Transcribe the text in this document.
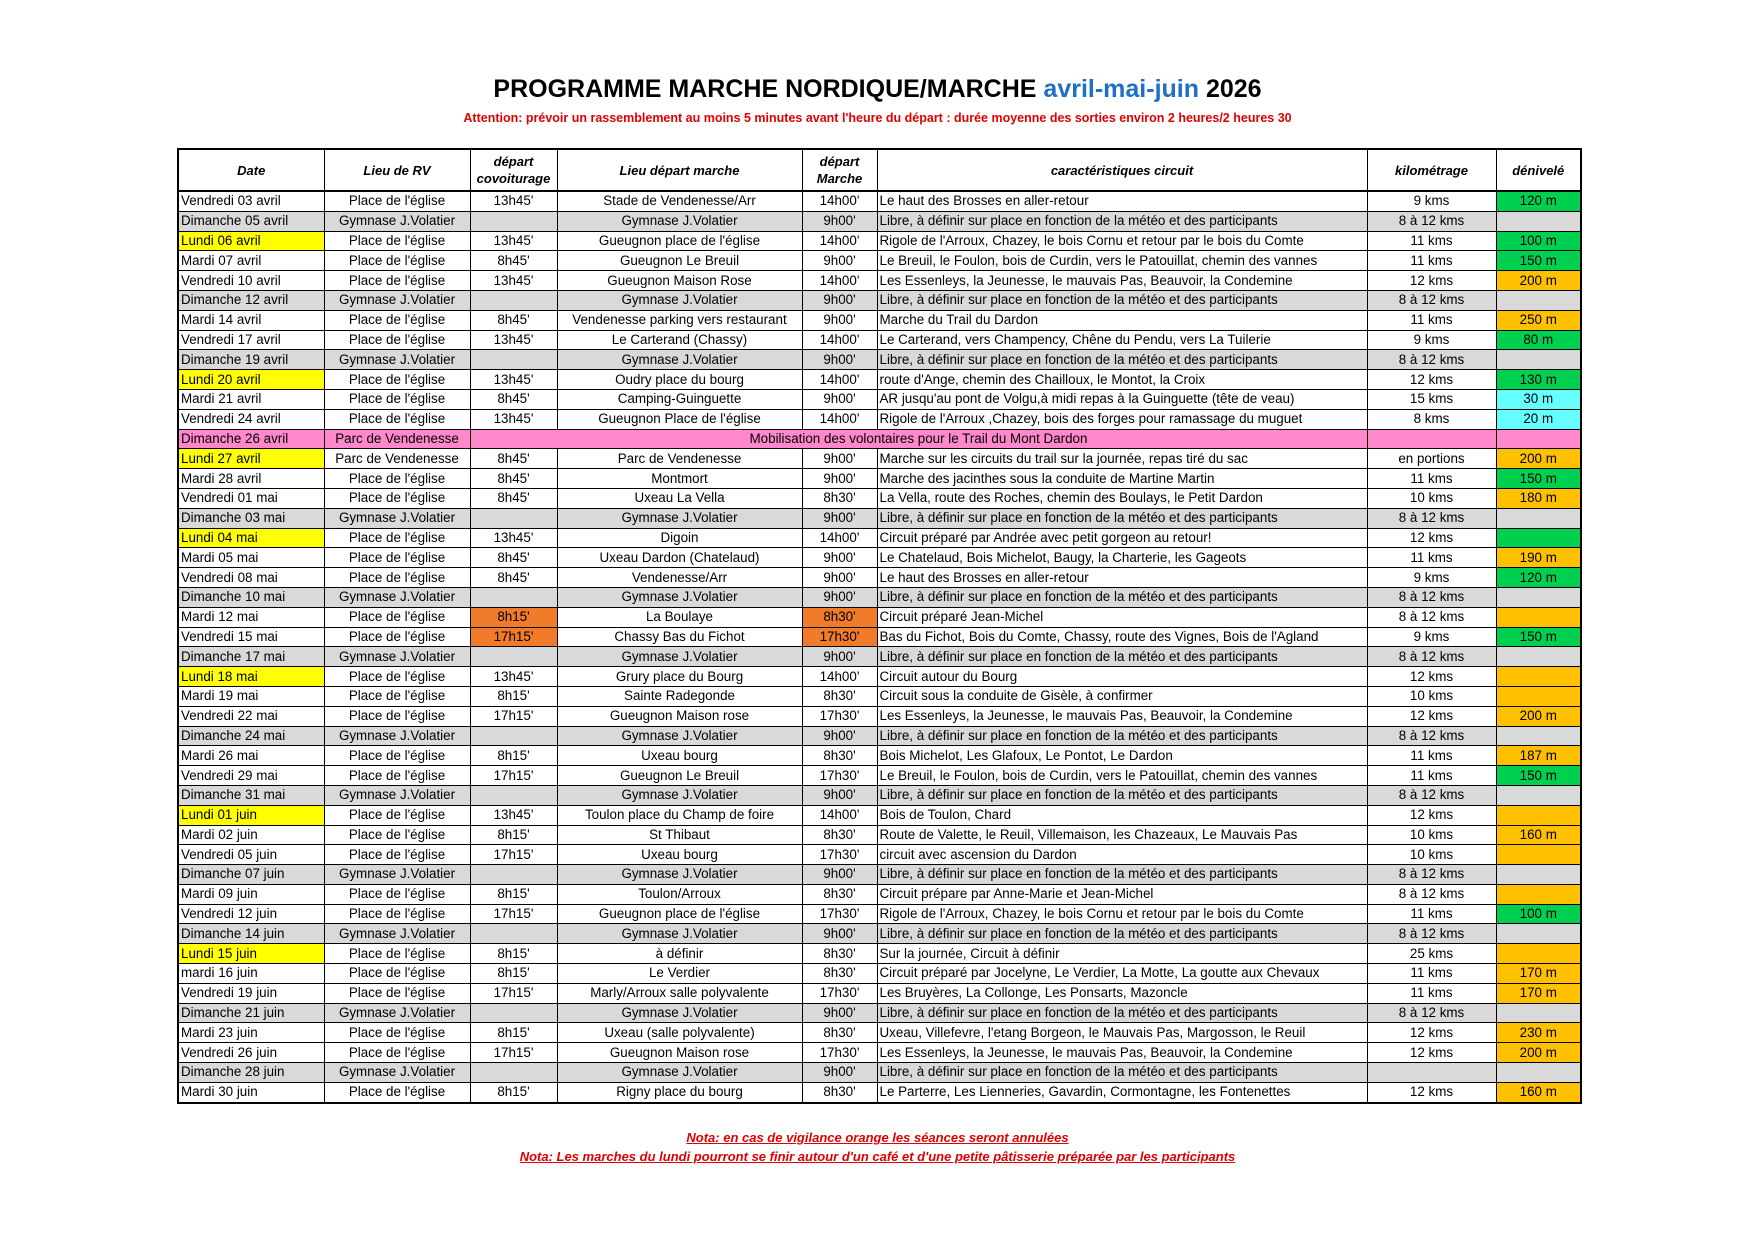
PROGRAMME MARCHE NORDIQUE/MARCHE avril-mai-juin 2026
Attention: prévoir un rassemblement au moins 5 minutes avant l'heure du départ : durée moyenne des sorties environ 2 heures/2 heures 30
Date	Lieu de RV	départ covoiturage	Lieu départ marche	départ Marche	caractéristiques circuit	kilométrage	dénivelé
Vendredi 03 avril	Place de l'église	13h45'	Stade de Vendenesse/Arr	14h00'	Le haut des Brosses en aller-retour	9 kms	120 m
Dimanche 05 avril	Gymnase J.Volatier		Gymnase J.Volatier	9h00'	Libre, à définir sur place en fonction de la météo et des participants	8 à 12 kms	
Lundi 06 avril	Place de l'église	13h45'	Gueugnon place de l'église	14h00'	Rigole de l'Arroux, Chazey, le bois Cornu et retour par le bois du Comte	11 kms	100 m
Mardi 07 avril	Place de l'église	8h45'	Gueugnon Le Breuil	9h00'	Le Breuil, le Foulon, bois de Curdin, vers le Patouillat, chemin des vannes	11 kms	150 m
Vendredi 10 avril	Place de l'église	13h45'	Gueugnon Maison Rose	14h00'	Les Essenleys, la Jeunesse, le mauvais Pas, Beauvoir, la Condemine	12 kms	200 m
Dimanche 12 avril	Gymnase J.Volatier		Gymnase J.Volatier	9h00'	Libre, à définir sur place en fonction de la météo et des participants	8 à 12 kms	
Mardi 14 avril	Place de l'église	8h45'	Vendenesse parking vers restaurant	9h00'	Marche du Trail du Dardon	11 kms	250 m
Vendredi 17 avril	Place de l'église	13h45'	Le Carterand (Chassy)	14h00'	Le Carterand, vers Champency, Chêne du Pendu, vers La Tuilerie	9 kms	80 m
Dimanche 19 avril	Gymnase J.Volatier		Gymnase J.Volatier	9h00'	Libre, à définir sur place en fonction de la météo et des participants	8 à 12 kms	
Lundi 20 avril	Place de l'église	13h45'	Oudry place du bourg	14h00'	route d'Ange, chemin des Chailloux, le Montot, la Croix	12 kms	130 m
Mardi 21 avril	Place de l'église	8h45'	Camping-Guinguette	9h00'	AR jusqu'au pont de Volgu,à midi repas à la Guinguette (tête de veau)	15 kms	30 m
Vendredi 24 avril	Place de l'église	13h45'	Gueugnon Place de l'église	14h00'	Rigole de l'Arroux ,Chazey, bois des forges pour ramassage du muguet	8 kms	20 m
Dimanche 26 avril	Parc de Vendenesse	Mobilisation des volontaires pour le Trail du Mont Dardon					
Lundi 27 avril	Parc de Vendenesse	8h45'	Parc de Vendenesse	9h00'	Marche sur les circuits du trail sur la journée, repas tiré du sac	en portions	200 m
Mardi 28 avril	Place de l'église	8h45'	Montmort	9h00'	Marche des jacinthes sous la conduite de Martine Martin	11 kms	150 m
Vendredi 01 mai	Place de l'église	8h45'	Uxeau La Vella	8h30'	La Vella, route des Roches, chemin des Boulays, le Petit Dardon	10 kms	180 m
Dimanche 03 mai	Gymnase J.Volatier		Gymnase J.Volatier	9h00'	Libre, à définir sur place en fonction de la météo et des participants	8 à 12 kms	
Lundi 04 mai	Place de l'église	13h45'	Digoin	14h00'	Circuit préparé par Andrée avec petit gorgeon au retour!	12 kms	
Mardi 05 mai	Place de l'église	8h45'	Uxeau Dardon (Chatelaud)	9h00'	Le Chatelaud, Bois Michelot, Baugy, la Charterie, les Gageots	11 kms	190 m
Vendredi 08 mai	Place de l'église	8h45'	Vendenesse/Arr	9h00'	Le haut des Brosses en aller-retour	9 kms	120 m
Dimanche 10 mai	Gymnase J.Volatier		Gymnase J.Volatier	9h00'	Libre, à définir sur place en fonction de la météo et des participants	8 à 12 kms	
Mardi 12 mai	Place de l'église	8h15'	La Boulaye	8h30'	Circuit préparé Jean-Michel	8 à 12 kms	
Vendredi 15 mai	Place de l'église	17h15'	Chassy Bas du Fichot	17h30'	Bas du Fichot, Bois du Comte, Chassy, route des Vignes, Bois de l'Agland	9 kms	150 m
Dimanche 17 mai	Gymnase J.Volatier		Gymnase J.Volatier	9h00'	Libre, à définir sur place en fonction de la météo et des participants	8 à 12 kms	
Lundi 18 mai	Place de l'église	13h45'	Grury place du Bourg	14h00'	Circuit autour du Bourg	12 kms	
Mardi 19 mai	Place de l'église	8h15'	Sainte Radegonde	8h30'	Circuit sous la conduite de Gisèle, à confirmer	10 kms	
Vendredi 22 mai	Place de l'église	17h15'	Gueugnon Maison rose	17h30'	Les Essenleys, la Jeunesse, le mauvais Pas, Beauvoir, la Condemine	12 kms	200 m
Dimanche 24 mai	Gymnase J.Volatier		Gymnase J.Volatier	9h00'	Libre, à définir sur place en fonction de la météo et des participants	8 à 12 kms	
Mardi 26 mai	Place de l'église	8h15'	Uxeau bourg	8h30'	Bois Michelot, Les Glafoux, Le Pontot, Le Dardon	11 kms	187 m
Vendredi 29 mai	Place de l'église	17h15'	Gueugnon Le Breuil	17h30'	Le Breuil, le Foulon, bois de Curdin, vers le Patouillat, chemin des vannes	11 kms	150 m
Dimanche 31 mai	Gymnase J.Volatier		Gymnase J.Volatier	9h00'	Libre, à définir sur place en fonction de la météo et des participants	8 à 12 kms	
Lundi 01 juin	Place de l'église	13h45'	Toulon place du Champ de foire	14h00'	Bois de Toulon, Chard	12 kms	
Mardi 02 juin	Place de l'église	8h15'	St Thibaut	8h30'	Route de Valette, le Reuil, Villemaison, les Chazeaux, Le Mauvais Pas	10 kms	160 m
Vendredi 05 juin	Place de l'église	17h15'	Uxeau bourg	17h30'	circuit avec ascension du Dardon	10 kms	
Dimanche 07 juin	Gymnase J.Volatier		Gymnase J.Volatier	9h00'	Libre, à définir sur place en fonction de la météo et des participants	8 à 12 kms	
Mardi 09 juin	Place de l'église	8h15'	Toulon/Arroux	8h30'	Circuit prépare par Anne-Marie et Jean-Michel	8 à 12 kms	
Vendredi 12 juin	Place de l'église	17h15'	Gueugnon place de l'église	17h30'	Rigole de l'Arroux, Chazey, le bois Cornu et retour par le bois du Comte	11 kms	100 m
Dimanche 14 juin	Gymnase J.Volatier		Gymnase J.Volatier	9h00'	Libre, à définir sur place en fonction de la météo et des participants	8 à 12 kms	
Lundi 15 juin	Place de l'église	8h15'	à définir	8h30'	Sur la journée, Circuit à définir	25 kms	
mardi 16 juin	Place de l'église	8h15'	Le Verdier	8h30'	Circuit préparé par Jocelyne, Le Verdier, La Motte, La goutte aux Chevaux	11 kms	170 m
Vendredi 19 juin	Place de l'église	17h15'	Marly/Arroux salle polyvalente	17h30'	Les Bruyères, La Collonge, Les Ponsarts, Mazoncle	11 kms	170 m
Dimanche 21 juin	Gymnase J.Volatier		Gymnase J.Volatier	9h00'	Libre, à définir sur place en fonction de la météo et des participants	8 à 12 kms	
Mardi 23 juin	Place de l'église	8h15'	Uxeau (salle polyvalente)	8h30'	Uxeau, Villefevre, l'etang Borgeon, le Mauvais Pas, Margosson, le Reuil	12 kms	230 m
Vendredi 26 juin	Place de l'église	17h15'	Gueugnon Maison rose	17h30'	Les Essenleys, la Jeunesse, le mauvais Pas, Beauvoir, la Condemine	12 kms	200 m
Dimanche 28 juin	Gymnase J.Volatier		Gymnase J.Volatier	9h00'	Libre, à définir sur place en fonction de la météo et des participants		
Mardi 30 juin	Place de l'église	8h15'	Rigny place du bourg	8h30'	Le Parterre, Les Lienneries, Gavardin, Cormontagne, les Fontenettes	12 kms	160 m
Nota: en cas de vigilance orange les séances seront annulées
Nota: Les marches du lundi pourront se finir autour d'un café et d'une petite pâtisserie préparée par les participants
